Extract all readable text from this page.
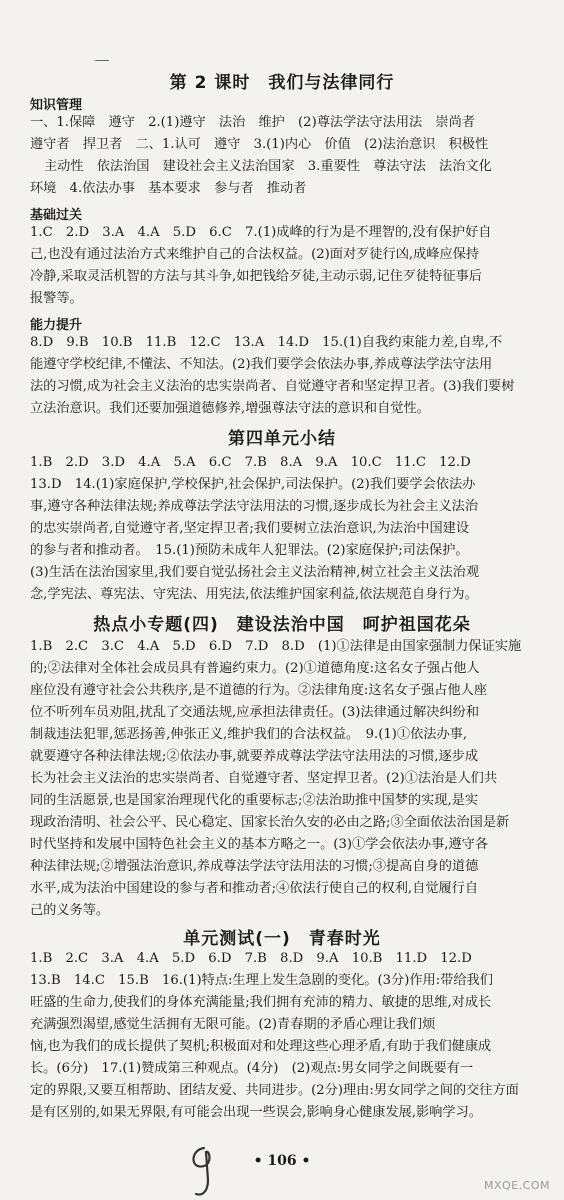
第 2 课时　我们与法律同行
知识管理
一、1.保障　遵守　2.(1)遵守　法治　维护　(2)尊法学法守法用法　崇尚者
遵守者　捍卫者　二、1.认可　遵守　3.(1)内心　价值　(2)法治意识　积极性
主动性　依法治国　建设社会主义法治国家　3.重要性　尊法守法　法治文化
环境　4.依法办事　基本要求　参与者　推动者
基础过关
1.C　2.D　3.A　4.A　5.D　6.C　7.(1)成峰的行为是不理智的,没有保护好自
己,也没有通过法治方式来维护自己的合法权益。(2)面对歹徒行凶,成峰应保持
冷静,采取灵活机智的方法与其斗争,如把钱给歹徒,主动示弱,记住歹徒特征事后
报警等。
能力提升
8.D　9.B　10.B　11.B　12.C　13.A　14.D　15.(1)自我约束能力差,自卑,不
能遵守学校纪律,不懂法、不知法。(2)我们要学会依法办事,养成尊法学法守法用
法的习惯,成为社会主义法治的忠实崇尚者、自觉遵守者和坚定捍卫者。(3)我们要树
立法治意识。我们还要加强道德修养,增强尊法守法的意识和自觉性。
第四单元小结
1.B　2.D　3.D　4.A　5.A　6.C　7.B　8.A　9.A　10.C　11.C　12.D
13.D　14.(1)家庭保护,学校保护,社会保护,司法保护。(2)我们要学会依法办
事,遵守各种法律法规;养成尊法学法守法用法的习惯,逐步成长为社会主义法治
的忠实崇尚者,自觉遵守者,坚定捍卫者;我们要树立法治意识,为法治中国建设
的参与者和推动者。　15.(1)预防未成年人犯罪法。(2)家庭保护;司法保护。
(3)生活在法治国家里,我们要自觉弘扬社会主义法治精神,树立社会主义法治观
念,学宪法、尊宪法、守宪法、用宪法,依法维护国家利益,依法规范自身行为。
热点小专题(四)　建设法治中国　呵护祖国花朵
1.B　2.C　3.C　4.A　5.D　6.D　7.D　8.D　(1)①法律是由国家强制力保证实施
的;②法律对全体社会成员具有普遍约束力。(2)①道德角度:这名女子强占他人
座位没有遵守社会公共秩序,是不道德的行为。②法律角度:这名女子强占他人座
位不听列车员劝阻,扰乱了交通法规,应承担法律责任。(3)法律通过解决纠纷和
制裁违法犯罪,惩恶扬善,伸张正义,维护我们的合法权益。　9.(1)①依法办事,
就要遵守各种法律法规;②依法办事,就要养成尊法学法守法用法的习惯,逐步成
长为社会主义法治的忠实崇尚者、自觉遵守者、坚定捍卫者。(2)①法治是人们共
同的生活愿景,也是国家治理现代化的重要标志;②法治助推中国梦的实现,是实
现政治清明、社会公平、民心稳定、国家长治久安的必由之路;③全面依法治国是新
时代坚持和发展中国特色社会主义的基本方略之一。(3)①学会依法办事,遵守各
种法律法规;②增强法治意识,养成尊法学法守法用法的习惯;③提高自身的道德
水平,成为法治中国建设的参与者和推动者;④依法行使自己的权利,自觉履行自
己的义务等。
单元测试(一)　青春时光
1.B　2.C　3.A　4.A　5.D　6.D　7.B　8.D　9.A　10.B　11.D　12.D
13.B　14.C　15.B　16.(1)特点:生理上发生急剧的变化。(3分)作用:带给我们
旺盛的生命力,使我们的身体充满能量;我们拥有充沛的精力、敏捷的思维,对成长
充满强烈渴望,感觉生活拥有无限可能。(2)青春期的矛盾心理让我们烦
恼,也为我们的成长提供了契机;积极面对和处理这些心理矛盾,有助于我们健康成
长。(6分)　17.(1)赞成第三种观点。(4分)　(2)观点:男女同学之间既要有一
定的界限,又要互相帮助、团结友爱、共同进步。(2分)理由:男女同学之间的交往方面
是有区别的,如果无界限,有可能会出现一些误会,影响身心健康发展,影响学习。
• 106 •
MXQE.COM
